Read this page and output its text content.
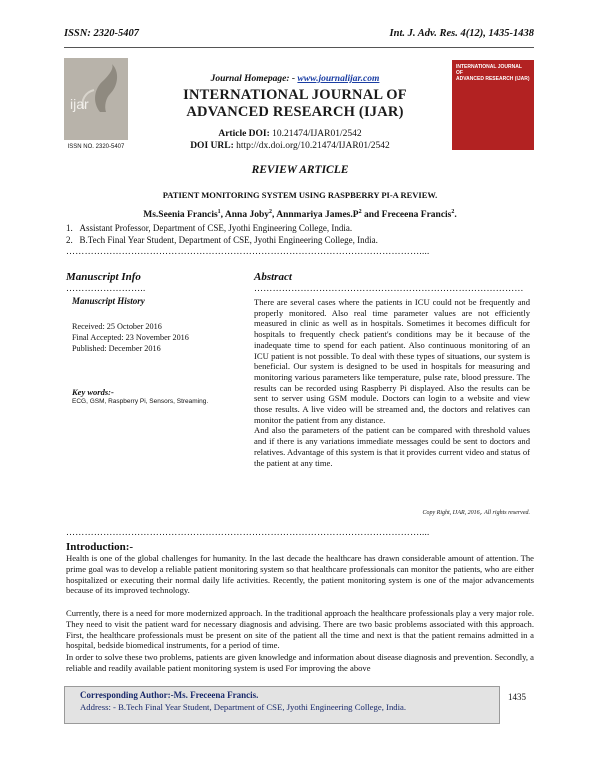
ISSN: 2320-5407	Int. J. Adv. Res. 4(12), 1435-1438
ijar
ISSN NO. 2320-5407
Journal Homepage: - www.journalijar.com
INTERNATIONAL JOURNAL OF
ADVANCED RESEARCH (IJAR)
Article DOI: 10.21474/IJAR01/2542
DOI URL: http://dx.doi.org/10.21474/IJAR01/2542
INTERNATIONAL JOURNAL OF
ADVANCED RESEARCH (IJAR)
REVIEW ARTICLE
PATIENT MONITORING SYSTEM USING RASPBERRY PI-A REVIEW.
Ms.Seenia Francis$^1$, Anna Joby$^2$, Annmariya $James.P^2$ and Freceena Francis$^2$.
1. Assistant Professor, Department of CSE, Jyothi Engineering College, India.
2. B.Tech Final Year Student, Department of CSE, Jyothi Engineering College, India.
……………………………………………………………………………………………………....
Manuscript Info
……………………..
Manuscript History
Received: 25 October 2016
Final Accepted: 23 November 2016
Published: December 2016
Key words:-
ECG, GSM, Raspberry Pi, Sensors, Streaming.
Abstract
……………………………………………………………………………

There are several cases where the patients in ICU could not be frequently and properly monitored. Also real time parameter values are not efficiently measured in clinic as well as in hospitals. Sometimes it becomes difficult for hospitals to frequently check patient's conditions may be it because of the inadequate time to spend for each patient. Also continuous monitoring of an ICU patient is not possible. To deal with these types of situations, our system is beneficial. Our system is designed to be used in hospitals for measuring and monitoring various parameters like temperature, pulse rate, blood pressure. The results can be recorded using Raspberry Pi displayed. Also the results can be sent to server using GSM module. Doctors can login to a website and view those results. A live video will be streamed and, the doctors and relatives can monitor the patient from any distance.

And also the parameters of the patient can be compared with threshold values and if there is any variations immediate messages could be sent to doctors and relatives. Advantage of this system is that it provides current video and status of the patient at any time.

Copy Right, IJAR, 2016,. All rights reserved.
……………………………………………………………………………………………………....
Introduction:-
Health is one of the global challenges for humanity. In the last decade the healthcare has drawn considerable amount of attention. The prime goal was to develop a reliable patient monitoring system so that healthcare professionals can monitor the patients, who are either hospitalized or executing their normal daily life activities. Recently, the patient monitoring system is one of the major advancements because of its improved technology.
Currently, there is a need for more modernized approach. In the traditional approach the healthcare professionals play a very major role. They need to visit the patient ward for necessary diagnosis and advising. There are two basic problems associated with this approach. First, the healthcare professionals must be present on site of the patient all the time and next is that the patient remains admitted in a hospital, bedside biomedical instruments, for a period of time.
In order to solve these two problems, patients are given knowledge and information about disease diagnosis and prevention. Secondly, a reliable and readily available patient monitoring system is used For improving the above
Corresponding Author:-Ms. Freceena Francis.
Address: - B.Tech Final Year Student, Department of CSE, Jyothi Engineering College, India.
1435
